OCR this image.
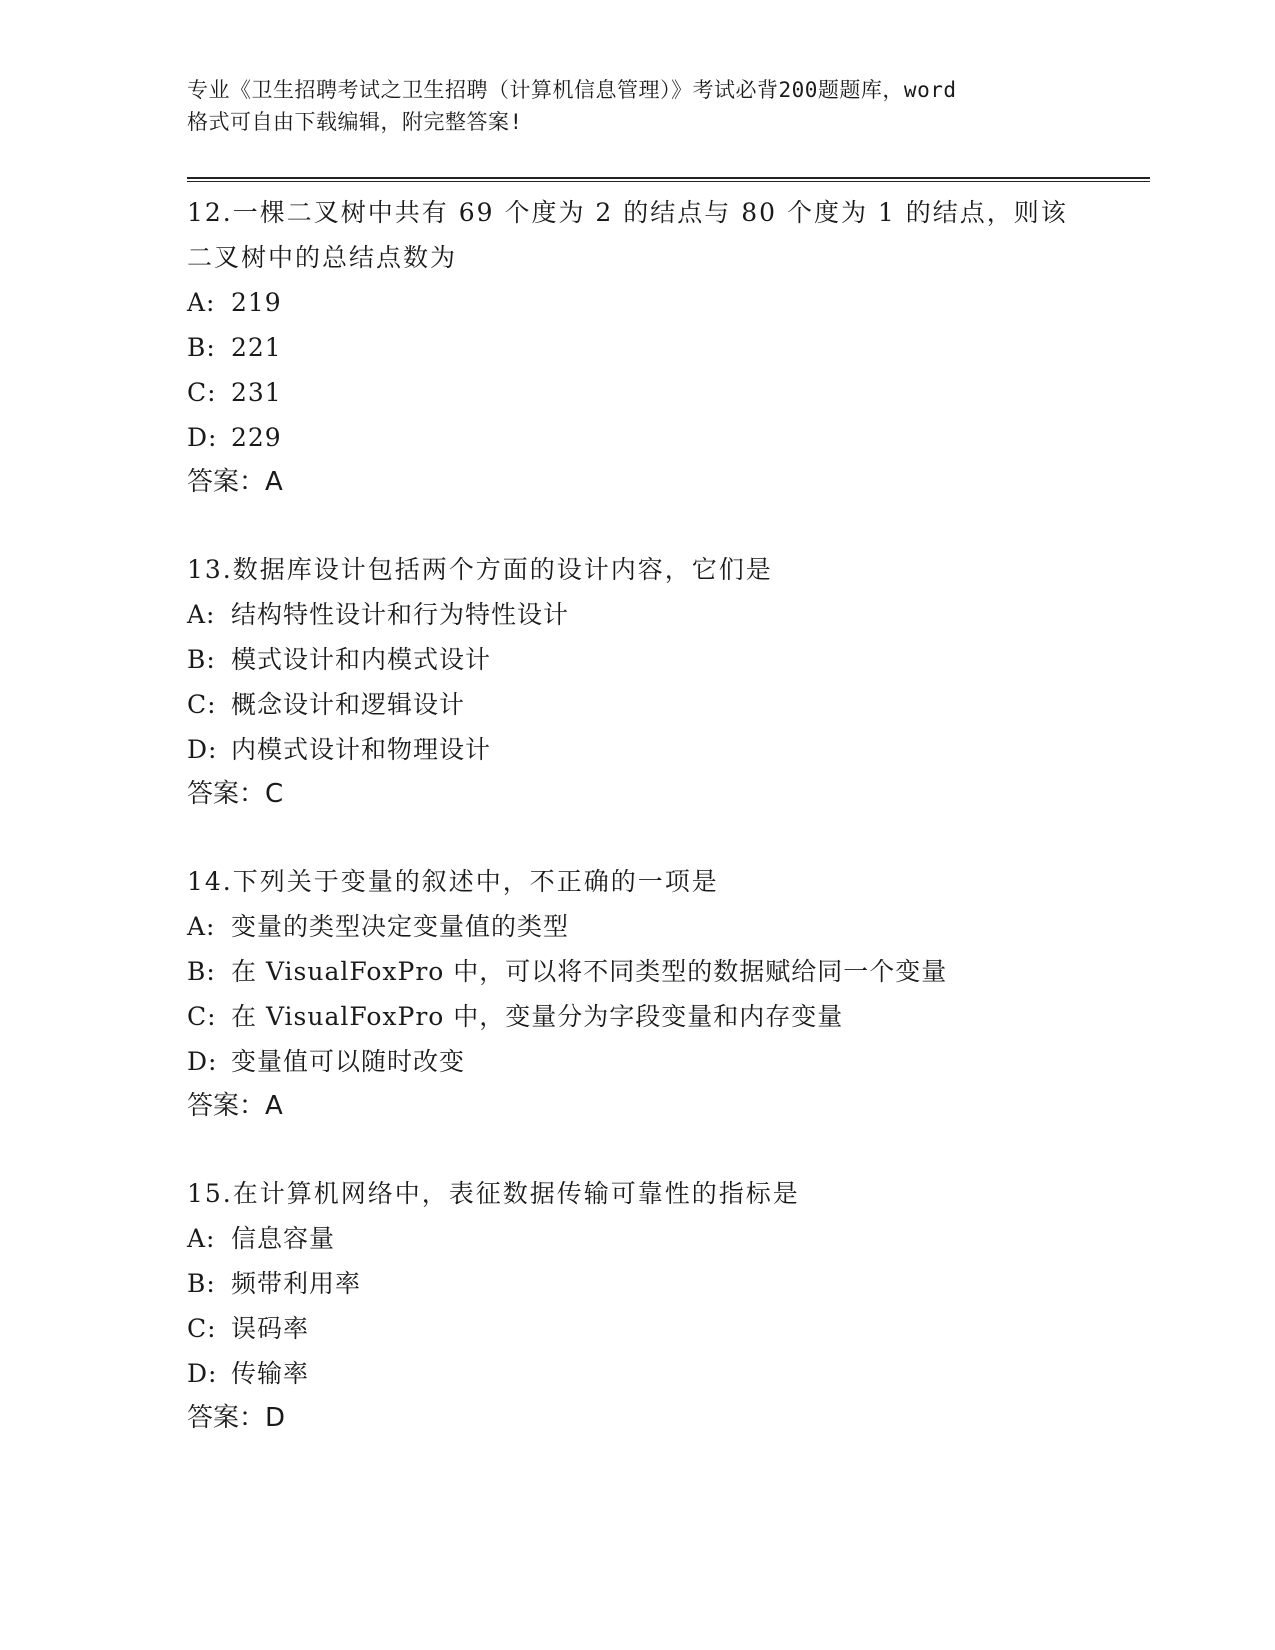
专业《卫生招聘考试之卫生招聘（计算机信息管理）》考试必背200题题库，word
格式可自由下载编辑，附完整答案!

12.一棵二叉树中共有 69 个度为 2 的结点与 80 个度为 1 的结点，则该

二叉树中的总结点数为

A: 219

B: 221

C: 231

D: 229

答案：A

13.数据库设计包括两个方面的设计内容，它们是

A: 结构特性设计和行为特性设计

B: 模式设计和内模式设计

C: 概念设计和逻辑设计

D: 内模式设计和物理设计

答案：C

14.下列关于变量的叙述中，不正确的一项是

A: 变量的类型决定变量值的类型

B: 在 VisualFoxPro 中，可以将不同类型的数据赋给同一个变量

C: 在 VisualFoxPro 中，变量分为字段变量和内存变量

D: 变量值可以随时改变

答案：A

15.在计算机网络中，表征数据传输可靠性的指标是

A: 信息容量

B: 频带利用率

C: 误码率

D: 传输率

答案：D
